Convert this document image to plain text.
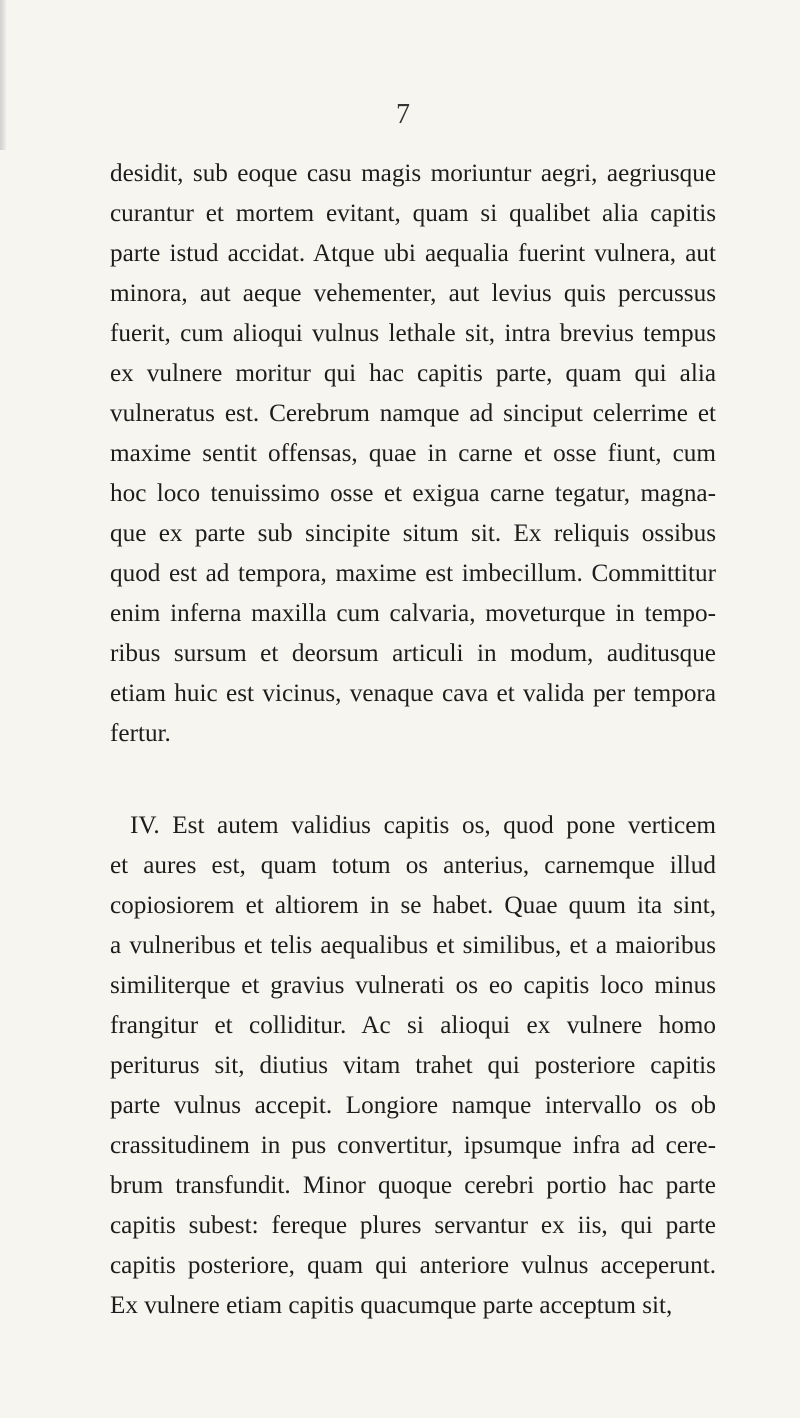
7
desidit, sub eoque casu magis moriuntur aegri, aegriusque
curantur et mortem evitant, quam si qualibet alia capitis
parte istud accidat. Atque ubi aequalia fuerint vulnera, aut
minora, aut aeque vehementer, aut levius quis percussus
fuerit, cum alioqui vulnus lethale sit, intra brevius tempus
ex vulnere moritur qui hac capitis parte, quam qui alia
vulneratus est. Cerebrum namque ad sinciput celerrime et
maxime sentit offensas, quae in carne et osse fiunt, cum
hoc loco tenuissimo osse et exigua carne tegatur, magna-
que ex parte sub sincipite situm sit. Ex reliquis ossibus
quod est ad tempora, maxime est imbecillum. Committitur
enim inferna maxilla cum calvaria, moveturque in tempo-
ribus sursum et deorsum articuli in modum, auditusque
etiam huic est vicinus, venaque cava et valida per tempora
fertur.
IV. Est autem validius capitis os, quod pone verticem
et aures est, quam totum os anterius, carnemque illud
copiosiorem et altiorem in se habet. Quae quum ita sint,
a vulneribus et telis aequalibus et similibus, et a maioribus
similiterque et gravius vulnerati os eo capitis loco minus
frangitur et colliditur. Ac si alioqui ex vulnere homo
periturus sit, diutius vitam trahet qui posteriore capitis
parte vulnus accepit. Longiore namque intervallo os ob
crassitudinem in pus convertitur, ipsumque infra ad cere-
brum transfundit. Minor quoque cerebri portio hac parte
capitis subest: fereque plures servantur ex iis, qui parte
capitis posteriore, quam qui anteriore vulnus acceperunt.
Ex vulnere etiam capitis quacumque parte acceptum sit,
